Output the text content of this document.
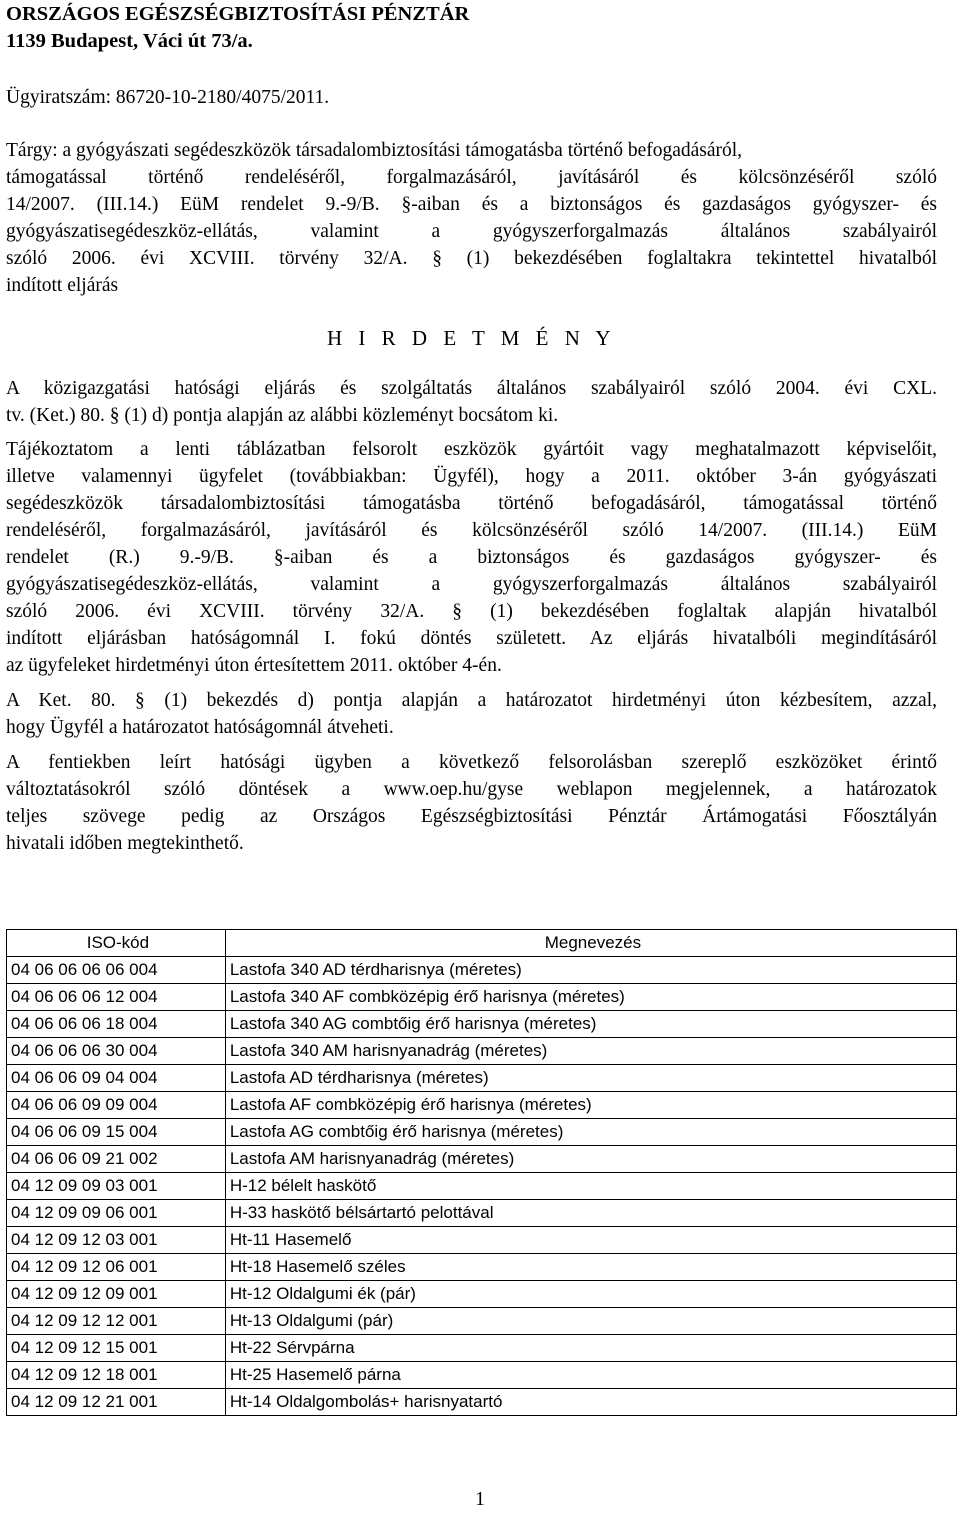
ORSZÁGOS EGÉSZSÉGBIZTOSÍTÁSI PÉNZTÁR
1139 Budapest, Váci út 73/a.
Ügyiratszám: 86720-10-2180/4075/2011.
Tárgy: a gyógyászati segédeszközök társadalombiztosítási támogatásba történő befogadásáról,
támogatással történő rendeléséről, forgalmazásáról, javításáról és kölcsönzéséről szóló
14/2007. (III.14.) EüM rendelet 9.-9/B. §-aiban és a biztonságos és gazdaságos gyógyszer- és
gyógyászatisegédeszköz-ellátás, valamint a gyógyszerforgalmazás általános szabályairól
szóló 2006. évi XCVIII. törvény 32/A. § (1) bekezdésében foglaltakra tekintettel hivatalból
indított eljárás
H I R D E T M É N Y
A közigazgatási hatósági eljárás és szolgáltatás általános szabályairól szóló 2004. évi CXL.
tv. (Ket.) 80. § (1) d) pontja alapján az alábbi közleményt bocsátom ki.
Tájékoztatom a lenti táblázatban felsorolt eszközök gyártóit vagy meghatalmazott képviselőit,
illetve valamennyi ügyfelet (továbbiakban: Ügyfél), hogy a 2011. október 3-án gyógyászati
segédeszközök társadalombiztosítási támogatásba történő befogadásáról, támogatással történő
rendeléséről, forgalmazásáról, javításáról és kölcsönzéséről szóló 14/2007. (III.14.) EüM
rendelet (R.) 9.-9/B. §-aiban és a biztonságos és gazdaságos gyógyszer- és
gyógyászatisegédeszköz-ellátás, valamint a gyógyszerforgalmazás általános szabályairól
szóló 2006. évi XCVIII. törvény 32/A. § (1) bekezdésében foglaltak alapján hivatalból
indított eljárásban hatóságomnál I. fokú döntés született. Az eljárás hivatalbóli megindításáról
az ügyfeleket hirdetményi úton értesítettem 2011. október 4-én.
A Ket. 80. § (1) bekezdés d) pontja alapján a határozatot hirdetményi úton kézbesítem, azzal,
hogy Ügyfél a határozatot hatóságomnál átveheti.
A fentiekben leírt hatósági ügyben a következő felsorolásban szereplő eszközöket érintő
változtatásokról szóló döntések a www.oep.hu/gyse weblapon megjelennek, a határozatok
teljes szövege pedig az Országos Egészségbiztosítási Pénztár Ártámogatási Főosztályán
hivatali időben megtekinthető.
ISO-kód	Megnevezés
04 06 06 06 06 004	Lastofa 340 AD térdharisnya (méretes)
04 06 06 06 12 004	Lastofa 340 AF combközépig érő harisnya (méretes)
04 06 06 06 18 004	Lastofa 340 AG combtőig érő harisnya (méretes)
04 06 06 06 30 004	Lastofa 340 AM harisnyanadrág (méretes)
04 06 06 09 04 004	Lastofa AD térdharisnya (méretes)
04 06 06 09 09 004	Lastofa AF combközépig érő harisnya (méretes)
04 06 06 09 15 004	Lastofa AG combtőig érő harisnya (méretes)
04 06 06 09 21 002	Lastofa AM harisnyanadrág (méretes)
04 12 09 09 03 001	H-12 bélelt haskötő
04 12 09 09 06 001	H-33 haskötő bélsártartó pelottával
04 12 09 12 03 001	Ht-11 Hasemelő
04 12 09 12 06 001	Ht-18 Hasemelő széles
04 12 09 12 09 001	Ht-12 Oldalgumi ék (pár)
04 12 09 12 12 001	Ht-13 Oldalgumi (pár)
04 12 09 12 15 001	Ht-22 Sérvpárna
04 12 09 12 18 001	Ht-25 Hasemelő párna
04 12 09 12 21 001	Ht-14 Oldalgombolás+ harisnyatartó
1
